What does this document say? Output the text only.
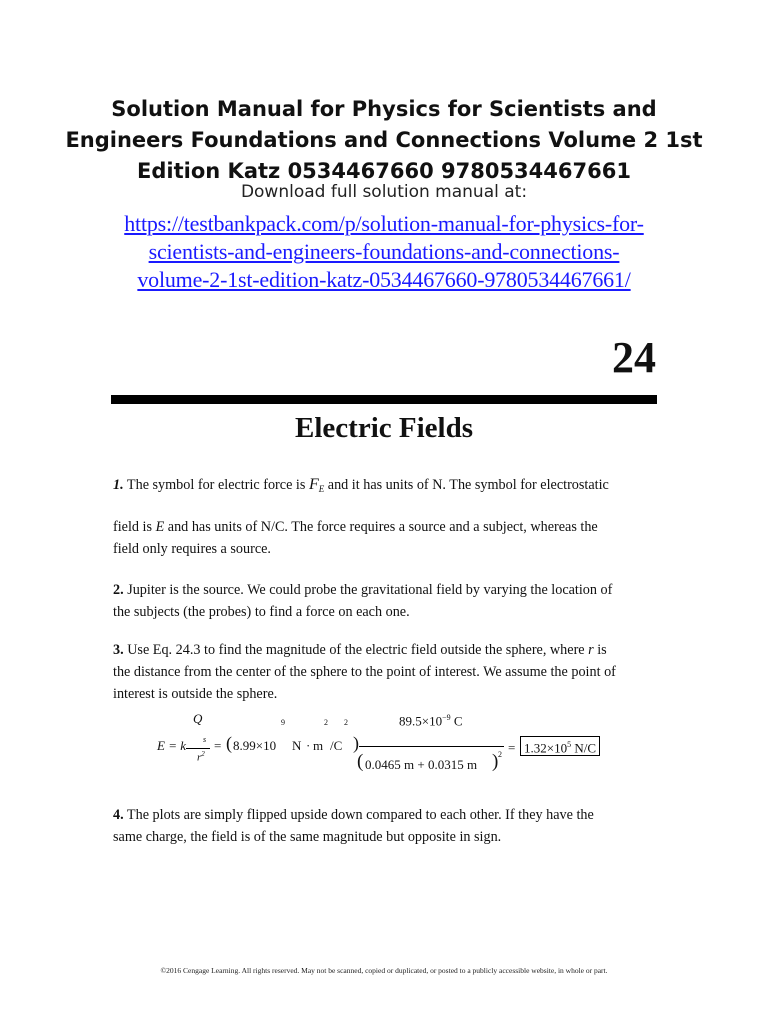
Solution Manual for Physics for Scientists and
Engineers Foundations and Connections Volume 2 1st
Edition Katz 0534467660 9780534467661
Download full solution manual at:
https://testbankpack.com/p/solution-manual-for-physics-for-
scientists-and-engineers-foundations-and-connections-
volume-2-1st-edition-katz-0534467660-9780534467661/
24
Electric Fields
1. The symbol for electric force is $F_E$ and it has units of N. The symbol for electrostatic
field is E and has units of N/C. The force requires a source and a subject, whereas the
field only requires a source.
2. Jupiter is the source. We could probe the gravitational field by varying the location of
the subjects (the probes) to find a force on each one.
3. Use Eq. 24.3 to find the magnitude of the electric field outside the sphere, where r is
the distance from the center of the sphere to the point of interest. We assume the point of
interest is outside the sphere.
Q	9	2 2	$89.5\times 10^{-9}$ C
E = k s
$r^2$
= ( 8.99×10 N · m /C )
( 0.0465 m + 0.0315 m ) $2 = 1.32\times 10^5$ N/C
4. The plots are simply flipped upside down compared to each other. If they have the
same charge, the field is of the same magnitude but opposite in sign.
©2016 Cengage Learning. All rights reserved. May not be scanned, copied or duplicated, or posted to a publicly accessible website, in whole or part.
